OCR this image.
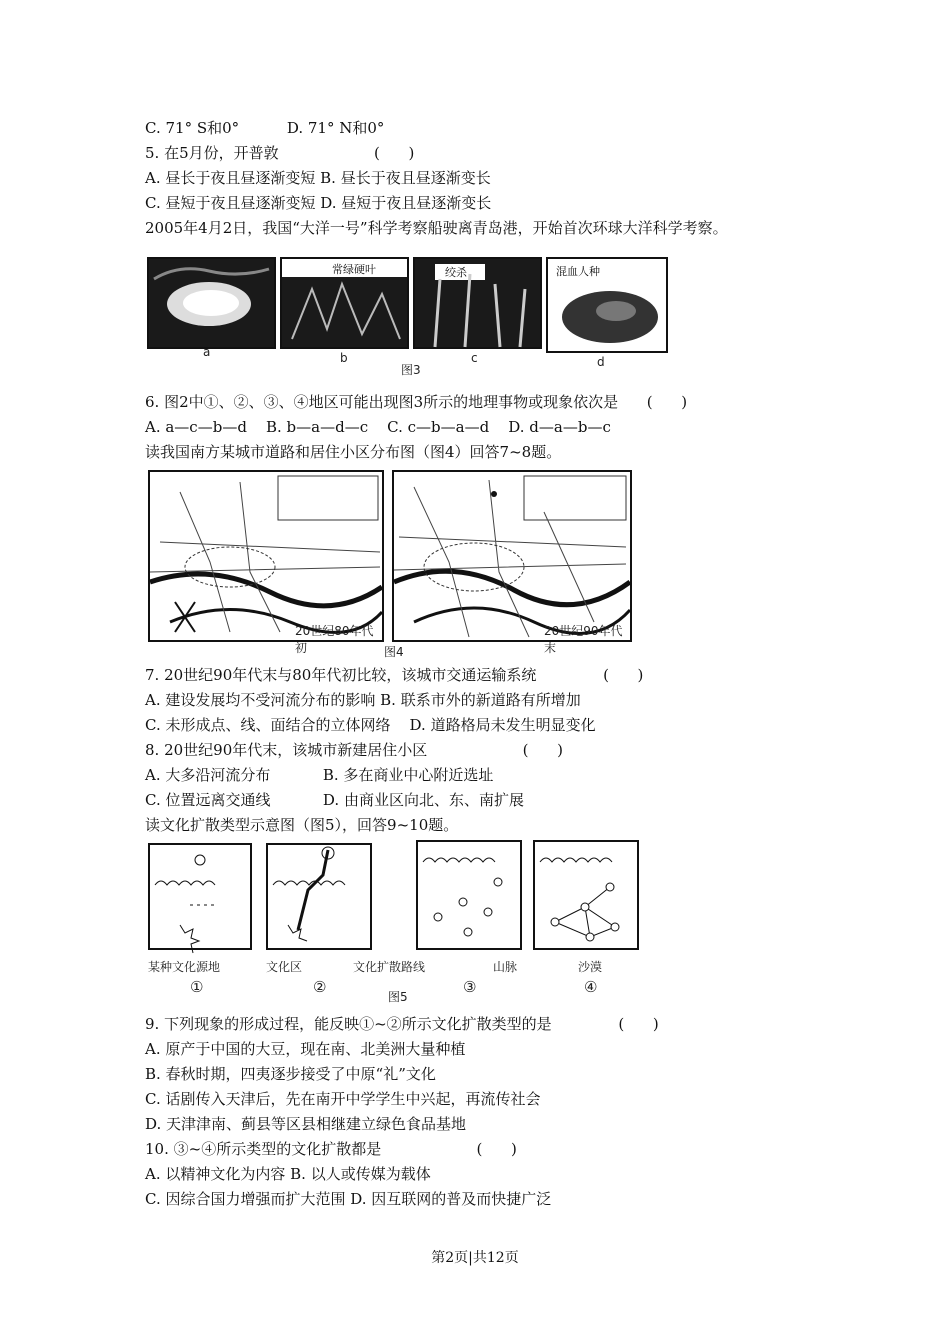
C. 71° S和0°          D. 71° N和0°
5. 在5月份，开普敦                    (      )
A. 昼长于夜且昼逐渐变短 B. 昼长于夜且昼逐渐变长
C. 昼短于夜且昼逐渐变短 D. 昼短于夜且昼逐渐变长
2005年4月2日，我国“大洋一号”科学考察船驶离青岛港，开始首次环球大洋科学考察。
常绿硬叶	绞杀	混血人种
a	b	c	d
图3
6. 图2中①、②、③、④地区可能出现图3所示的地理事物或现象依次是      (      )
A. a—c—b—d    B. b—a—d—c    C. c—b—a—d    D. d—a—b—c
读我国南方某城市道路和居住小区分布图（图4）回答7~8题。
20世纪80年代初
20世纪90年代末
图4
7. 20世纪90年代末与80年代初比较，该城市交通运输系统              (      )
A. 建设发展均不受河流分布的影响 B. 联系市外的新道路有所增加
C. 未形成点、线、面结合的立体网络    D. 道路格局未发生明显变化
8. 20世纪90年代末，该城市新建居住小区                    (      )
A. 大多沿河流分布           B. 多在商业中心附近选址
C. 位置远离交通线           D. 由商业区向北、东、南扩展
读文化扩散类型示意图（图5），回答9~10题。
某种文化源地	文化区	文化扩散路线	山脉	沙漠
①	②	③	④
图5
9. 下列现象的形成过程，能反映①~②所示文化扩散类型的是              (      )
A. 原产于中国的大豆，现在南、北美洲大量种植
B. 春秋时期，四夷逐步接受了中原“礼”文化
C. 话剧传入天津后，先在南开中学学生中兴起，再流传社会
D. 天津津南、蓟县等区县相继建立绿色食品基地
10. ③~④所示类型的文化扩散都是                    (      )
A. 以精神文化为内容 B. 以人或传媒为载体
C. 因综合国力增强而扩大范围 D. 因互联网的普及而快捷广泛
第2页|共12页
